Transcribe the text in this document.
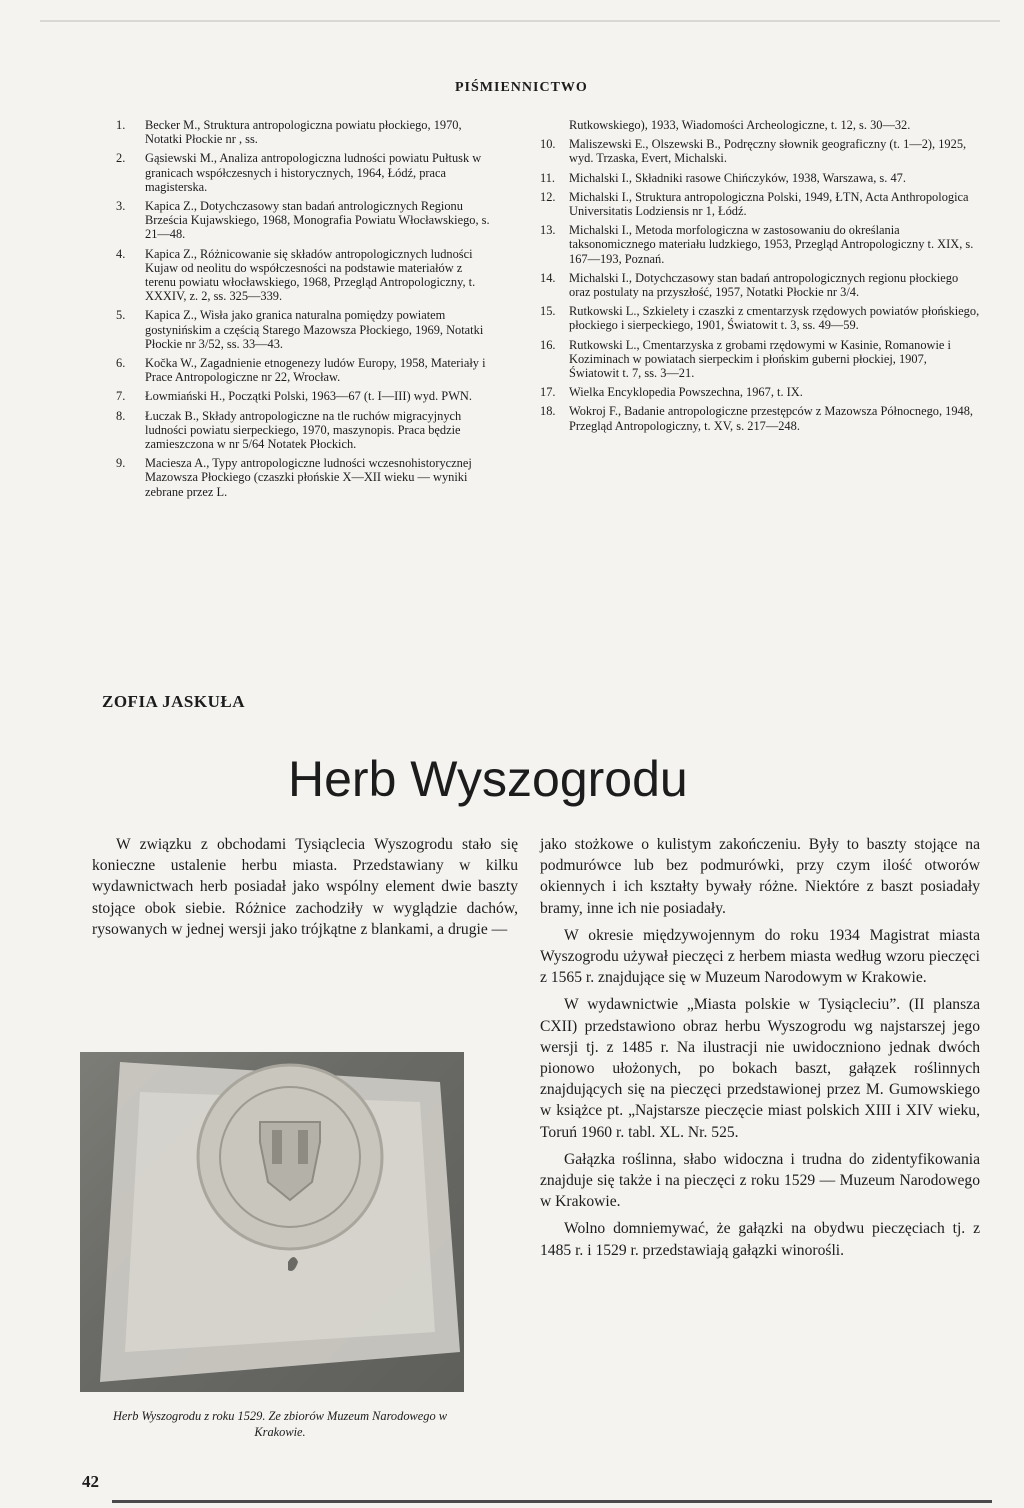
PIŚMIENNICTWO
1.	Becker M., Struktura antropologiczna powiatu płockiego, 1970, Notatki Płockie nr , ss.
2.	Gąsiewski M., Analiza antropologiczna ludności powiatu Pułtusk w granicach współczesnych i historycznych, 1964, Łódź, praca magisterska.
3.	Kapica Z., Dotychczasowy stan badań antrologicznych Regionu Brześcia Kujawskiego, 1968, Monografia Powiatu Włocławskiego, s. 21—48.
4.	Kapica Z., Różnicowanie się składów antropologicznych ludności Kujaw od neolitu do współczesności na podstawie materiałów z terenu powiatu włocławskiego, 1968, Przegląd Antropologiczny, t. XXXIV, z. 2, ss. 325—339.
5.	Kapica Z., Wisła jako granica naturalna pomiędzy powiatem gostynińskim a częścią Starego Mazowsza Płockiego, 1969, Notatki Płockie nr 3/52, ss. 33—43.
6.	Kočka W., Zagadnienie etnogenezy ludów Europy, 1958, Materiały i Prace Antropologiczne nr 22, Wrocław.
7.	Łowmiański H., Początki Polski, 1963—67 (t. I—III) wyd. PWN.
8.	Łuczak B., Składy antropologiczne na tle ruchów migracyjnych ludności powiatu sierpeckiego, 1970, maszynopis. Praca będzie zamieszczona w nr 5/64 Notatek Płockich.
9.	Maciesza A., Typy antropologiczne ludności wczesnohistorycznej Mazowsza Płockiego (czaszki płońskie X—XII wieku — wyniki zebrane przez L.
Rutkowskiego), 1933, Wiadomości Archeologiczne, t. 12, s. 30—32.
10.	Maliszewski E., Olszewski B., Podręczny słownik geograficzny (t. 1—2), 1925, wyd. Trzaska, Evert, Michalski.
11.	Michalski I., Składniki rasowe Chińczyków, 1938, Warszawa, s. 47.
12.	Michalski I., Struktura antropologiczna Polski, 1949, ŁTN, Acta Anthropologica Universitatis Lodziensis nr 1, Łódź.
13.	Michalski I., Metoda morfologiczna w zastosowaniu do określania taksonomicznego materiału ludzkiego, 1953, Przegląd Antropologiczny t. XIX, s. 167—193, Poznań.
14.	Michalski I., Dotychczasowy stan badań antropologicznych regionu płockiego oraz postulaty na przyszłość, 1957, Notatki Płockie nr 3/4.
15.	Rutkowski L., Szkielety i czaszki z cmentarzysk rzędowych powiatów płońskiego, płockiego i sierpeckiego, 1901, Światowit t. 3, ss. 49—59.
16.	Rutkowski L., Cmentarzyska z grobami rzędowymi w Kasinie, Romanowie i Koziminach w powiatach sierpeckim i płońskim guberni płockiej, 1907, Światowit t. 7, ss. 3—21.
17.	Wielka Encyklopedia Powszechna, 1967, t. IX.
18.	Wokroj F., Badanie antropologiczne przestępców z Mazowsza Północnego, 1948, Przegląd Antropologiczny, t. XV, s. 217—248.
ZOFIA JASKUŁA
Herb Wyszogrodu

W związku z obchodami Tysiąclecia Wyszogrodu stało się konieczne ustalenie herbu miasta. Przedstawiany w kilku wydawnictwach herb posiadał jako wspólny element dwie baszty stojące obok siebie. Różnice zachodziły w wyglądzie dachów, rysowanych w jednej wersji jako trójkątne z blankami, a drugie —

Herb Wyszogrodu z roku 1529. Ze zbiorów Muzeum Narodowego w Krakowie.

jako stożkowe o kulistym zakończeniu. Były to baszty stojące na podmurówce lub bez podmurówki, przy czym ilość otworów okiennych i ich kształty bywały różne. Niektóre z baszt posiadały bramy, inne ich nie posiadały.

W okresie międzywojennym do roku 1934 Magistrat miasta Wyszogrodu używał pieczęci z herbem miasta według wzoru pieczęci z 1565 r. znajdujące się w Muzeum Narodowym w Krakowie.

W wydawnictwie „Miasta polskie w Tysiącleciu”. (II plansza CXII) przedstawiono obraz herbu Wyszogrodu wg najstarszej jego wersji tj. z 1485 r. Na ilustracji nie uwidoczniono jednak dwóch pionowo ułożonych, po bokach baszt, gałązek roślinnych znajdujących się na pieczęci przedstawionej przez M. Gumowskiego w książce pt. „Najstarsze pieczęcie miast polskich XIII i XIV wieku, Toruń 1960 r. tabl. XL. Nr. 525.

Gałązka roślinna, słabo widoczna i trudna do zidentyfikowania znajduje się także i na pieczęci z roku 1529 — Muzeum Narodowego w Krakowie.

Wolno domniemywać, że gałązki na obydwu pieczęciach tj. z 1485 r. i 1529 r. przedstawiają gałązki winorośli.

42
